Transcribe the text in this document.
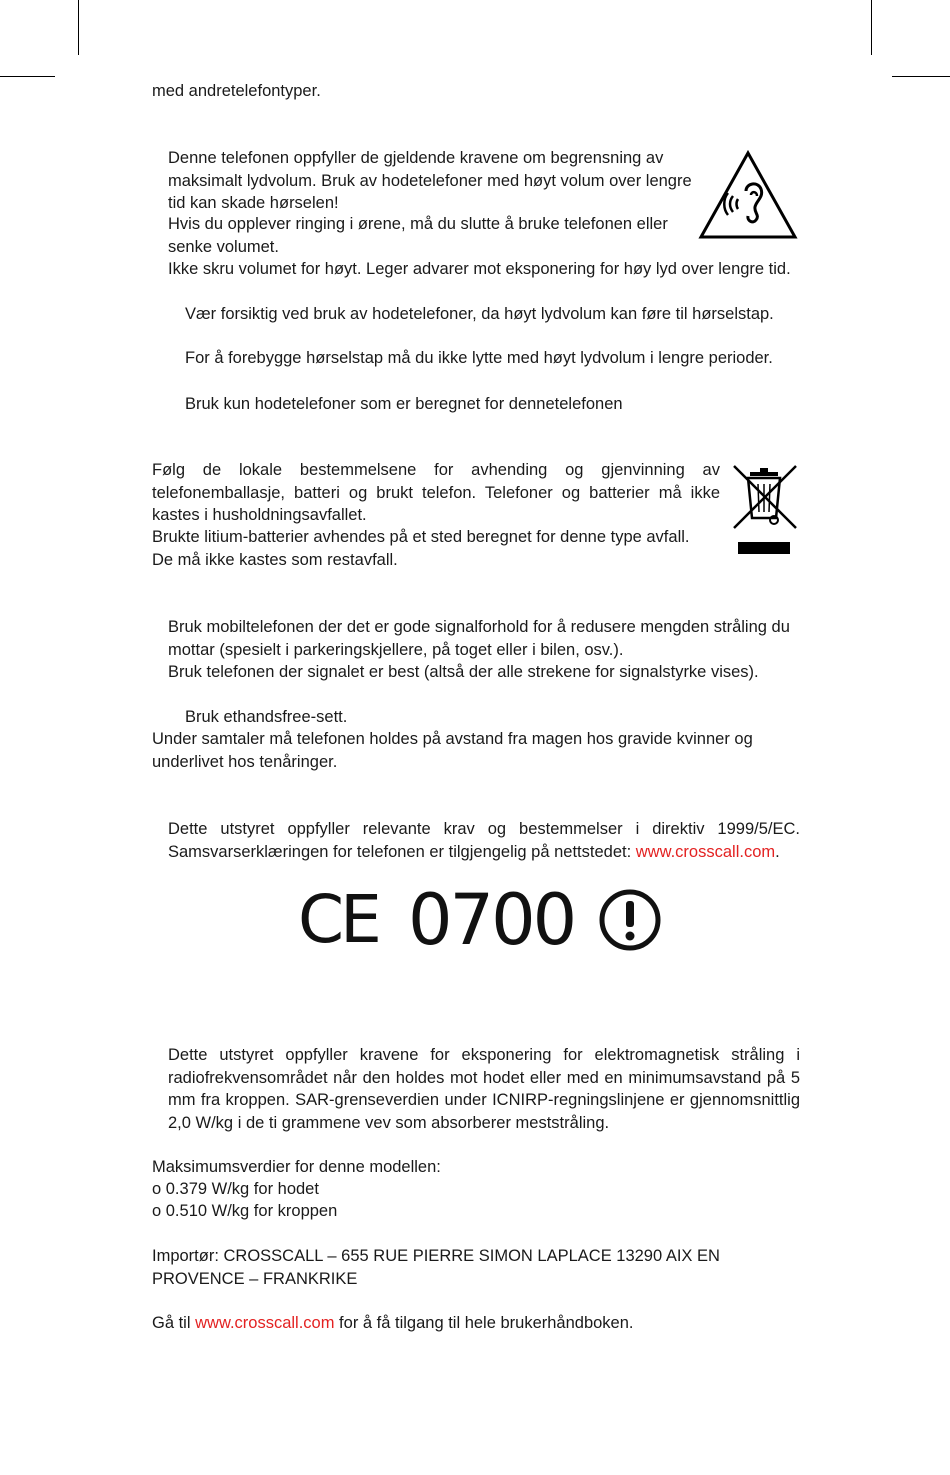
med andretelefontyper.

Denne telefonen oppfyller de gjeldende kravene om begrensning av maksimalt lydvolum. Bruk av hodetelefoner med høyt volum over lengre tid kan skade hørselen!

Hvis du opplever ringing i ørene, må du slutte å bruke telefonen eller senke volumet.

Ikke skru volumet for høyt. Leger advarer mot eksponering for høy lyd over lengre tid.

Vær forsiktig ved bruk av hodetelefoner, da høyt lydvolum kan føre til hørselstap.

For å forebygge hørselstap må du ikke lytte med høyt lydvolum i lengre perioder.

Bruk kun hodetelefoner som er beregnet for dennetelefonen

Følg de lokale bestemmelsene for avhending og gjenvinning av telefonemballasje, batteri og brukt telefon. Telefoner og batterier må ikke kastes i husholdningsavfallet.

Brukte litium-batterier avhendes på et sted beregnet for denne type avfall. De må ikke kastes som restavfall.

Bruk mobiltelefonen der det er gode signalforhold for å redusere mengden stråling du mottar (spesielt i parkeringskjellere, på toget eller i bilen, osv.).

Bruk telefonen der signalet er best (altså der alle strekene for signalstyrke vises).

Bruk ethandsfree-sett.

Under samtaler må telefonen holdes på avstand fra magen hos gravide kvinner og underlivet hos tenåringer.

Dette utstyret oppfyller relevante krav og bestemmelser i direktiv 1999/5/EC. Samsvarserklæringen for telefonen er tilgjengelig på nettstedet: www.crosscall.com.

CE 0700

Dette utstyret oppfyller kravene for eksponering for elektromagnetisk stråling i radiofrekvensområdet når den holdes mot hodet eller med en minimumsavstand på 5 mm fra kroppen. SAR-grenseverdien under ICNIRP-regningslinjene er gjennomsnittlig 2,0 W/kg i de ti grammene vev som absorberer meststråling.

Maksimumsverdier for denne modellen:

o 0.379 W/kg for hodet

o 0.510 W/kg for kroppen

Importør: CROSSCALL – 655 RUE PIERRE SIMON LAPLACE 13290 AIX EN PROVENCE – FRANKRIKE

Gå til www.crosscall.com for å få tilgang til hele brukerhåndboken.
